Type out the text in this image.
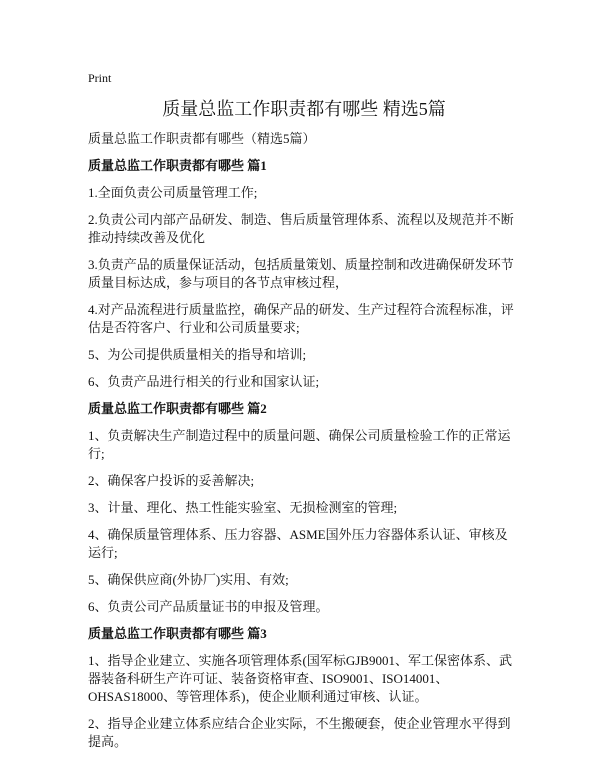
Print
质量总监工作职责都有哪些 精选5篇

质量总监工作职责都有哪些（精选5篇）

质量总监工作职责都有哪些 篇1

1.全面负责公司质量管理工作;

2.负责公司内部产品研发、制造、售后质量管理体系、流程以及规范并不断推动持续改善及优化

3.负责产品的质量保证活动，包括质量策划、质量控制和改进确保研发环节质量目标达成，参与项目的各节点审核过程，

4.对产品流程进行质量监控，确保产品的研发、生产过程符合流程标准，评估是否符客户、行业和公司质量要求;

5、为公司提供质量相关的指导和培训;

6、负责产品进行相关的行业和国家认证;

质量总监工作职责都有哪些 篇2

1、负责解决生产制造过程中的质量问题、确保公司质量检验工作的正常运行;

2、确保客户投诉的妥善解决;

3、计量、理化、热工性能实验室、无损检测室的管理;

4、确保质量管理体系、压力容器、ASME国外压力容器体系认证、审核及运行;

5、确保供应商(外协厂)实用、有效;

6、负责公司产品质量证书的申报及管理。

质量总监工作职责都有哪些 篇3

1、指导企业建立、实施各项管理体系(国军标GJB9001、军工保密体系、武器装备科研生产许可证、装备资格审查、ISO9001、ISO14001、OHSAS18000、等管理体系)，使企业顺利通过审核、认证。

2、指导企业建立体系应结合企业实际，不生搬硬套，使企业管理水平得到提高。
